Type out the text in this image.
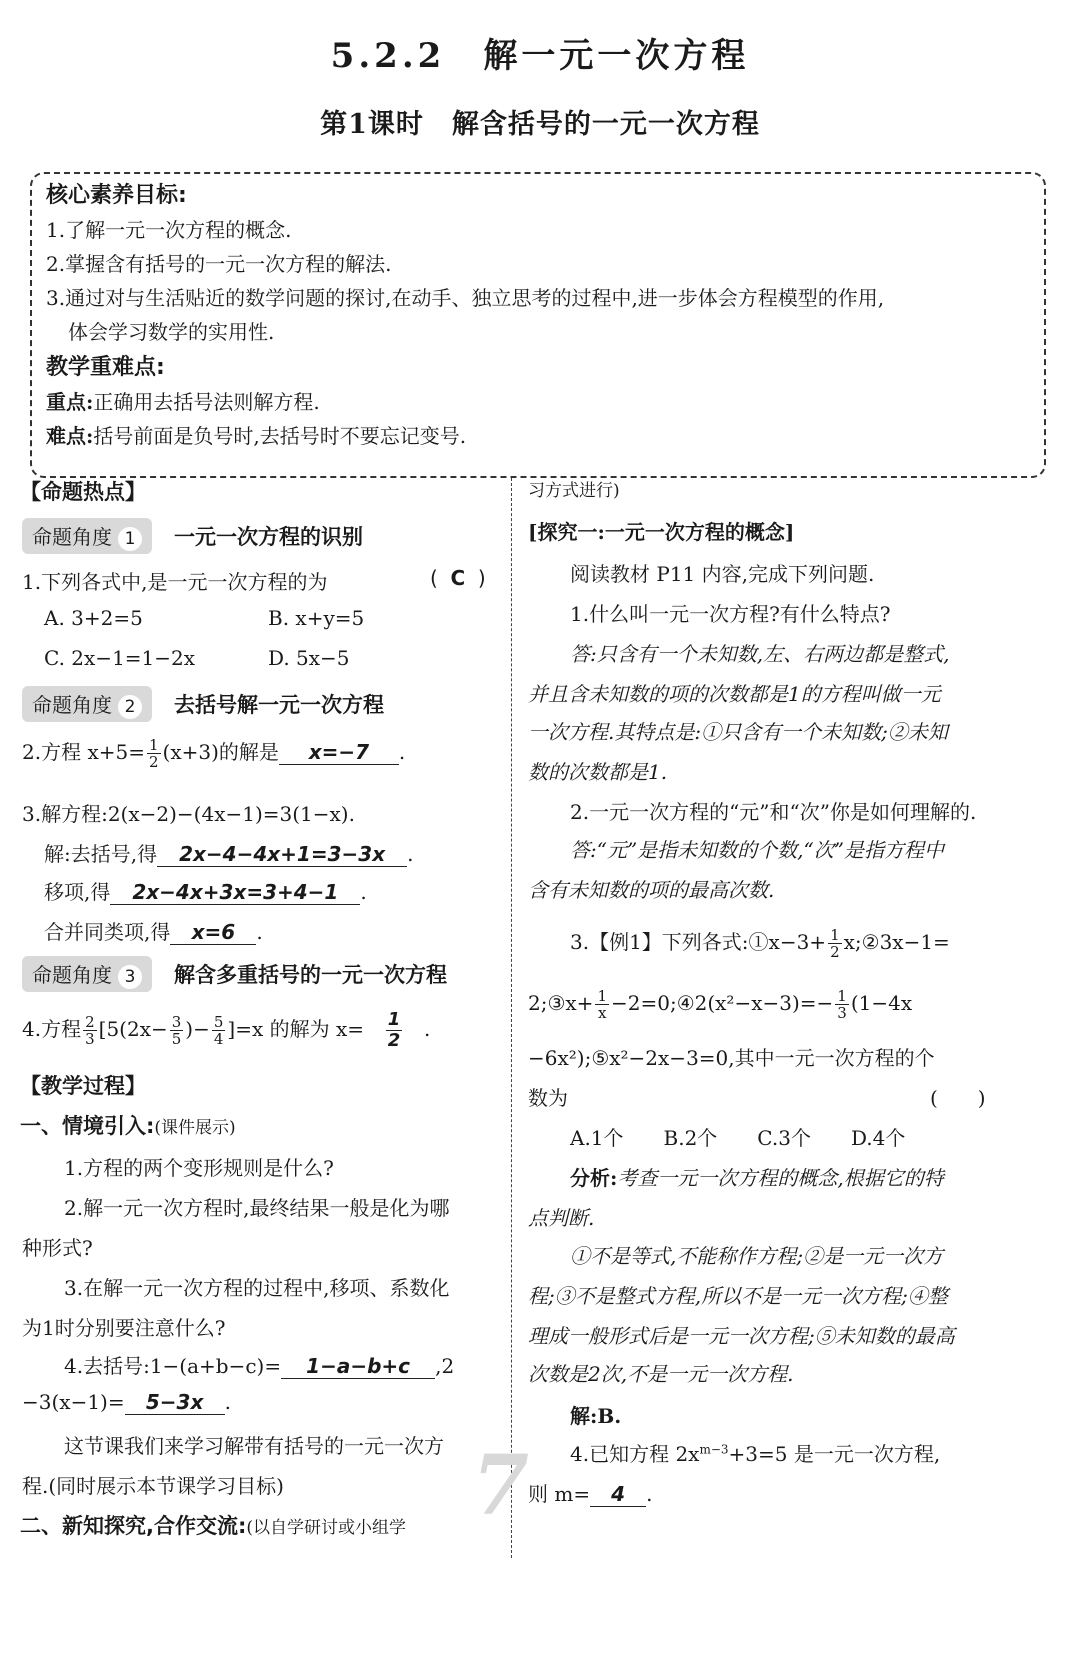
5.2.2　解一元一次方程
第1课时　解含括号的一元一次方程
核心素养目标:
1.了解一元一次方程的概念.
2.掌握含有括号的一元一次方程的解法.
3.通过对与生活贴近的数学问题的探讨,在动手、独立思考的过程中,进一步体会方程模型的作用,
体会学习数学的实用性.
教学重难点:
重点:正确用去括号法则解方程.
难点:括号前面是负号时,去括号时不要忘记变号.
【命题热点】
命题角度 1 一元一次方程的识别
1.下列各式中,是一元一次方程的为	(  C  )
A. 3+2=5	B. x+y=5
C. 2x−1=1−2x	D. 5x−5
命题角度 2 去括号解一元一次方程
2.方程 $x+5= \frac{1}{2} (x+3)$的解是 x=−7 .
3.解方程:2(x−2)−(4x−1)=3(1−x).
解:去括号,得 2x−4−4x+1=3−3x .
移项,得 2x−4x+3x=3+4−1 .
合并同类项,得 x=6 .
命题角度 3 解含多重括号的一元一次方程
4.方程 $\frac{2}{3} [5(2x- \frac{3}{5}$ )− $\frac{5}{4} ]=x$ 的解为 $x= \frac{1}{2}$ .
【教学过程】
一、情境引入:(课件展示)
1.方程的两个变形规则是什么?
2.解一元一次方程时,最终结果一般是化为哪
种形式?
3.在解一元一次方程的过程中,移项、系数化
为1时分别要注意什么?
4.去括号:1−(a+b−c)= 1−a−b+c ,2
−3(x−1)= 5−3x .
这节课我们来学习解带有括号的一元一次方
程.(同时展示本节课学习目标)
二、新知探究,合作交流:(以自学研讨或小组学 7
习方式进行)
[探究一:一元一次方程的概念]
阅读教材 P11 内容,完成下列问题.
1.什么叫一元一次方程?有什么特点?
答:只含有一个未知数,左、右两边都是整式,
并且含未知数的项的次数都是1的方程叫做一元
一次方程.其特点是:①只含有一个未知数;②未知
数的次数都是1.
2.一元一次方程的“元”和“次”你是如何理解的.
答:“元”是指未知数的个数,“次”是指方程中
含有未知数的项的最高次数.
3.【例1】下列各式:①x−3+ $\frac{1}{2}$ x;②3x−1=
2;③x+ $\frac{1}{x}$ −2=0;④2(x²−x−3)=− $\frac{1}{3} (1-4x$
−6x²);⑤x²−2x−3=0,其中一元一次方程的个
数为	(　　)
A.1个　　B.2个　　C.3个　　D.4个
分析:考查一元一次方程的概念,根据它的特
点判断.
①不是等式,不能称作方程;②是一元一次方
程;③不是整式方程,所以不是一元一次方程;④整
理成一般形式后是一元一次方程;⑤未知数的最高
次数是2次,不是一元一次方程.
解:B.
4.已知方程 $2x^{m-3}+3=5$ 是一元一次方程,
则 m= 4 .
